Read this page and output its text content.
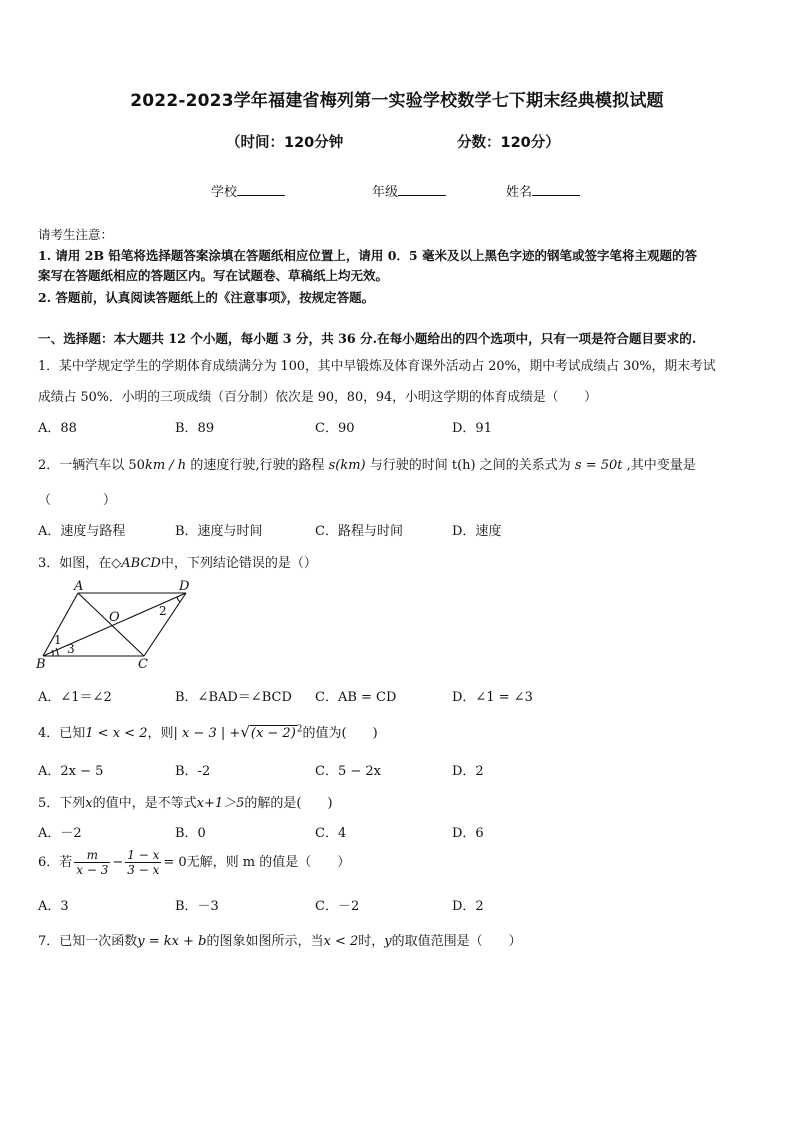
2022-2023学年福建省梅列第一实验学校数学七下期末经典模拟试题
（时间：120分钟	分数：120分）
学校	年级	姓名
请考生注意：
1. 请用 2B 铅笔将选择题答案涂填在答题纸相应位置上，请用 0．5 毫米及以上黑色字迹的钢笔或签字笔将主观题的答
案写在答题纸相应的答题区内。写在试题卷、草稿纸上均无效。
2. 答题前，认真阅读答题纸上的《注意事项》，按规定答题。
一、选择题：本大题共 12 个小题，每小题 3 分，共 36 分.在每小题给出的四个选项中，只有一项是符合题目要求的.
1．某中学规定学生的学期体育成绩满分为 100，其中早锻炼及体育课外活动占 20%，期中考试成绩占 30%，期末考试
成绩占 50%．小明的三项成绩（百分制）依次是 90，80，94，小明这学期的体育成绩是（　　）
A．88	B．89	C．90	D．91
2．一辆汽车以 50km / h 的速度行驶,行驶的路程 s(km) 与行驶的时间 t(h) 之间的关系式为 s = 50t ,其中变量是
（　　　　）
A．速度与路程	B．速度与时间	C．路程与时间	D．速度
3．如图，在◇ABCD中，下列结论错误的是（）
A	D
B	C
O
1
2
3
A．∠1＝∠2	B．∠BAD＝∠BCD C．AB = CD	D．∠1 = ∠3
4．已知1 < x < 2，则| x − 3 | $+√(x - 2)^2$的值为(　　)
A．2x − 5	B．-2	C．5 − 2x	D．2
5．下列x的值中，是不等式x+1＞5的解的是(　　)
A．－2	B．0	C．4	D．6
6．若 $\frac{m}{x - 3} - \frac{1 - x}{3 - x} = 0$无解，则 m 的值是（　　）
A．3	B．－3	C．－2	D．2
7．已知一次函数y = kx + b的图象如图所示，当x < 2时，y的取值范围是（　　）
